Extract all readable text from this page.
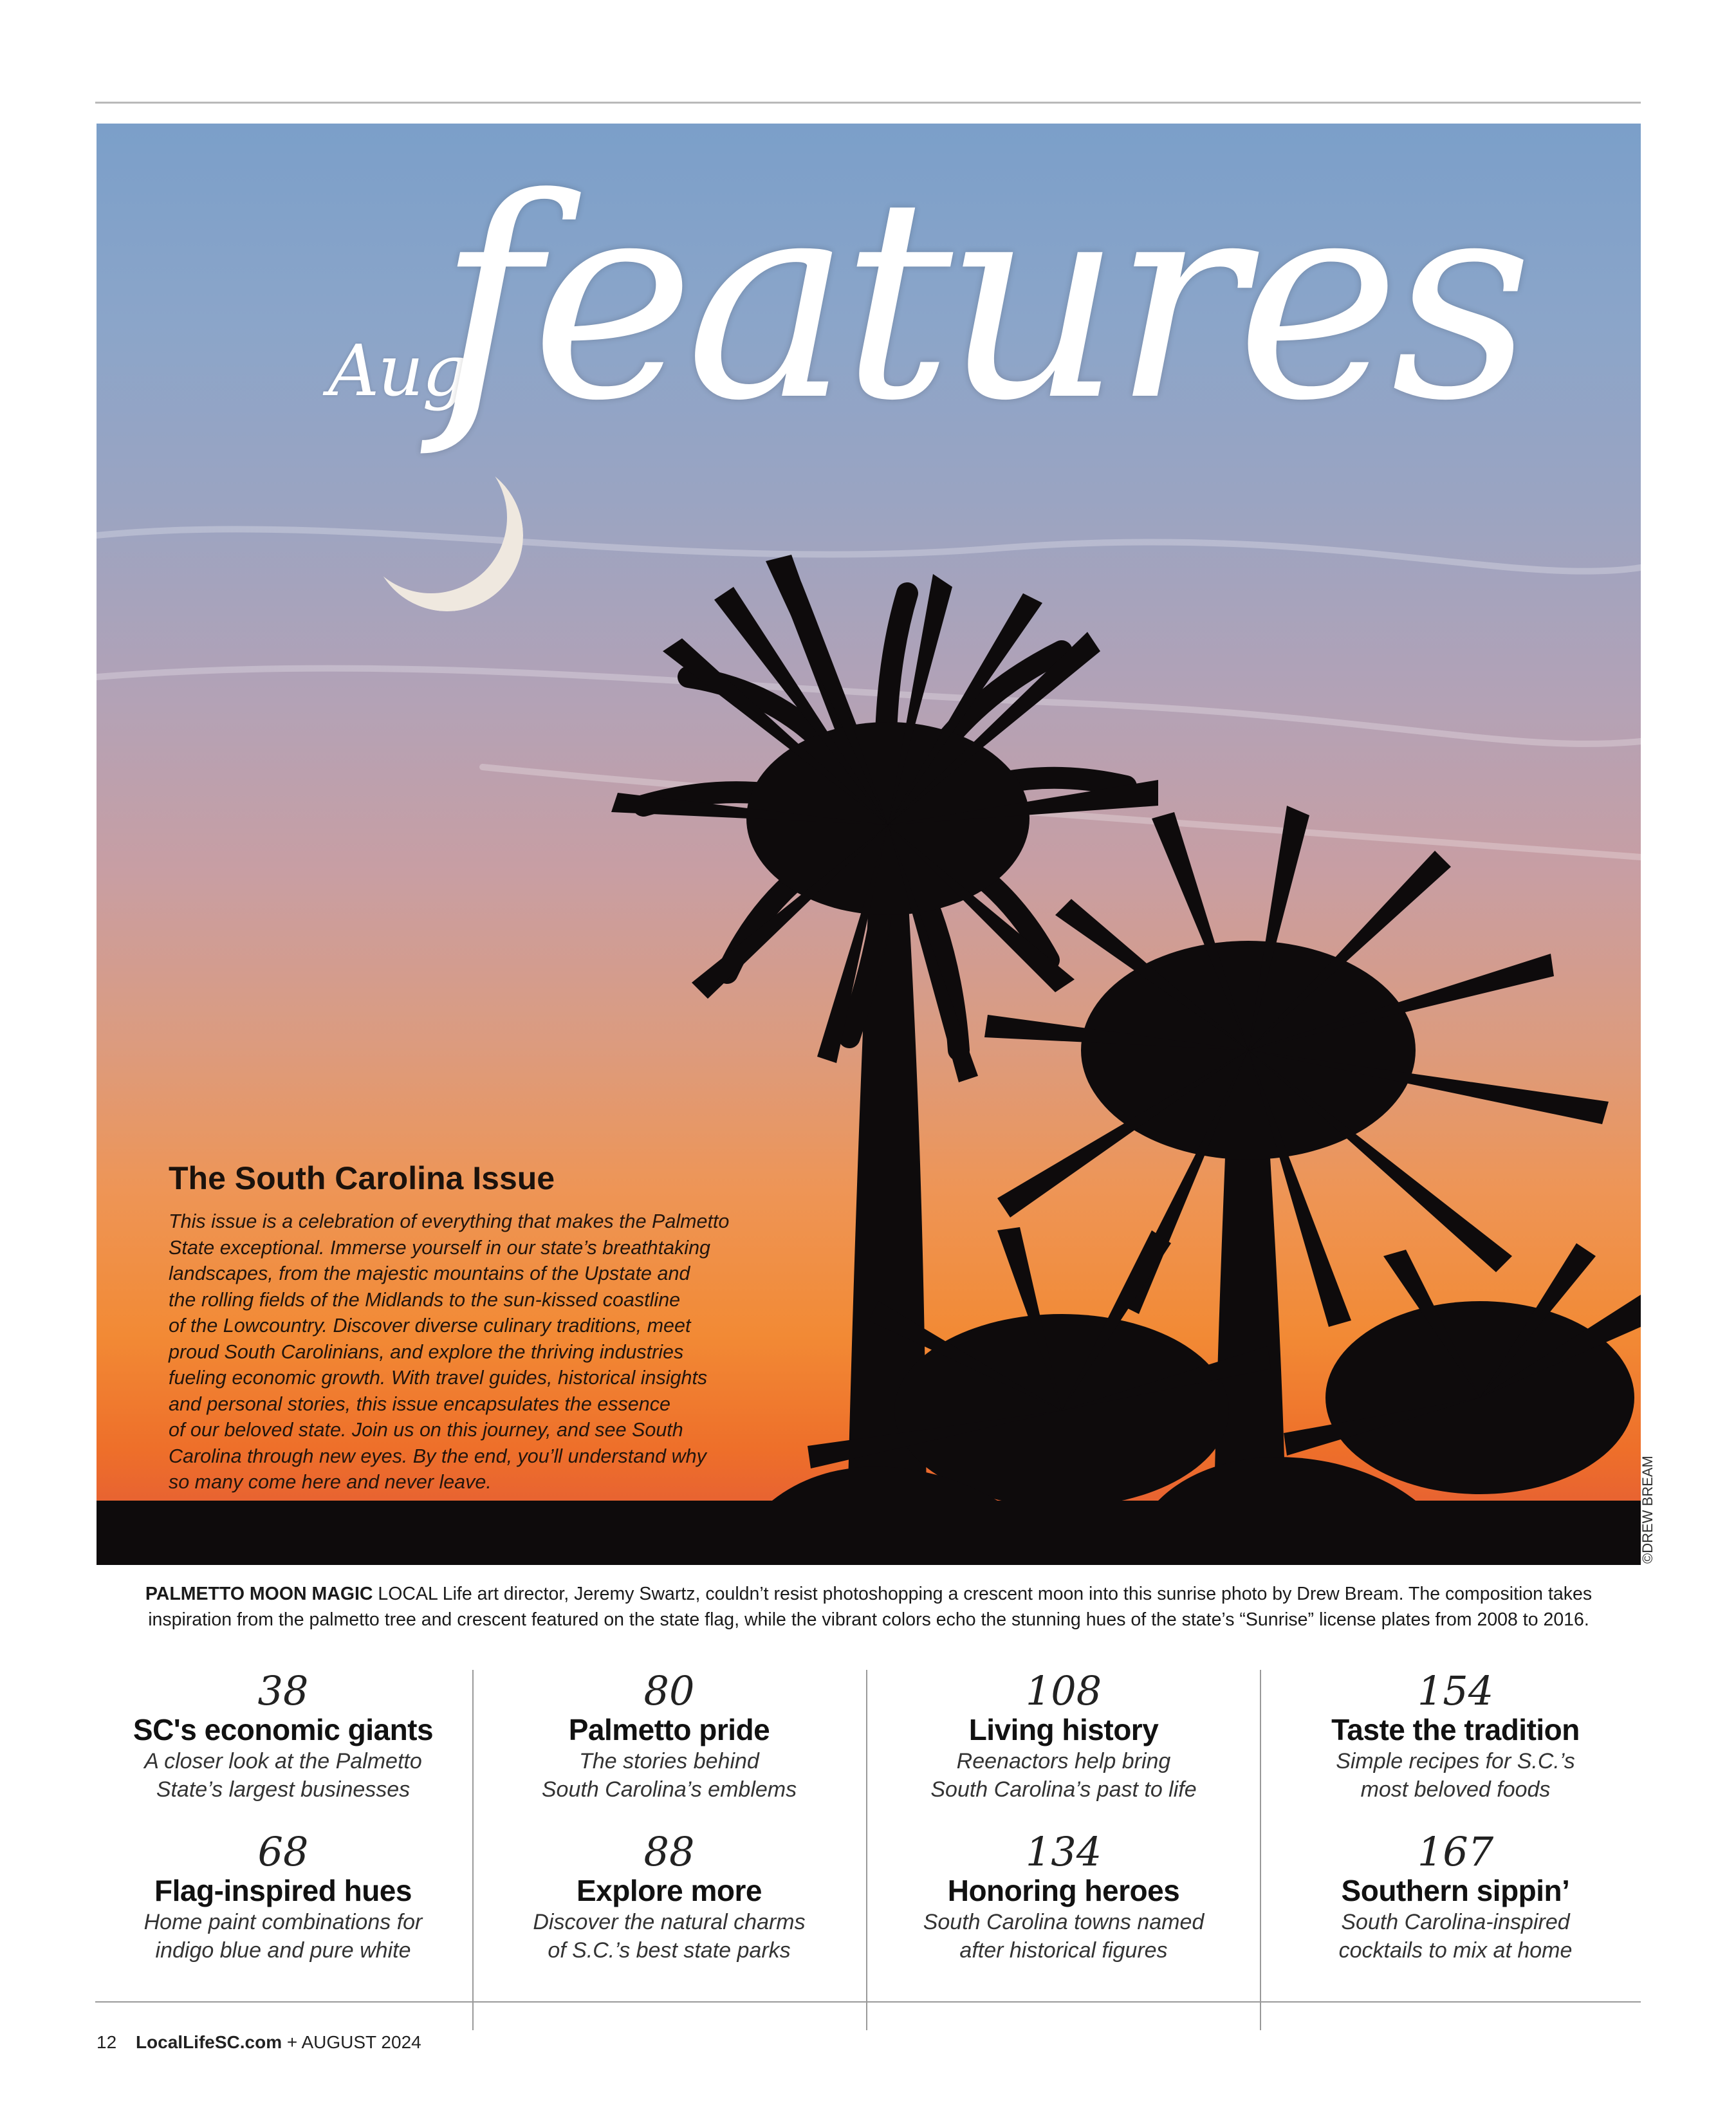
Aug
features
The South Carolina Issue

This issue is a celebration of everything that makes the Palmetto
State exceptional. Immerse yourself in our state’s breathtaking
landscapes, from the majestic mountains of the Upstate and
the rolling fields of the Midlands to the sun-kissed coastline
of the Lowcountry. Discover diverse culinary traditions, meet
proud South Carolinians, and explore the thriving industries
fueling economic growth. With travel guides, historical insights
and personal stories, this issue encapsulates the essence
of our beloved state. Join us on this journey, and see South
Carolina through new eyes. By the end, you’ll understand why
so many come here and never leave.	©DREW BREAM
PALMETTO MOON MAGIC LOCAL Life art director, Jeremy Swartz, couldn’t resist photoshopping a crescent moon into this sunrise photo by Drew Bream. The composition takes
inspiration from the palmetto tree and crescent featured on the state flag, while the vibrant colors echo the stunning hues of the state’s “Sunrise” license plates from 2008 to 2016.
38
SC's economic giants
A closer look at the Palmetto
State’s largest businesses
68
Flag-inspired hues
Home paint combinations for
indigo blue and pure white
80
Palmetto pride
The stories behind
South Carolina’s emblems
88
Explore more
Discover the natural charms
of S.C.’s best state parks
108
Living history
Reenactors help bring
South Carolina’s past to life
134
Honoring heroes
South Carolina towns named
after historical figures
154
Taste the tradition
Simple recipes for S.C.’s
most beloved foods
167
Southern sippin’
South Carolina-inspired
cocktails to mix at home
12 LocalLifeSC.com + AUGUST 2024
